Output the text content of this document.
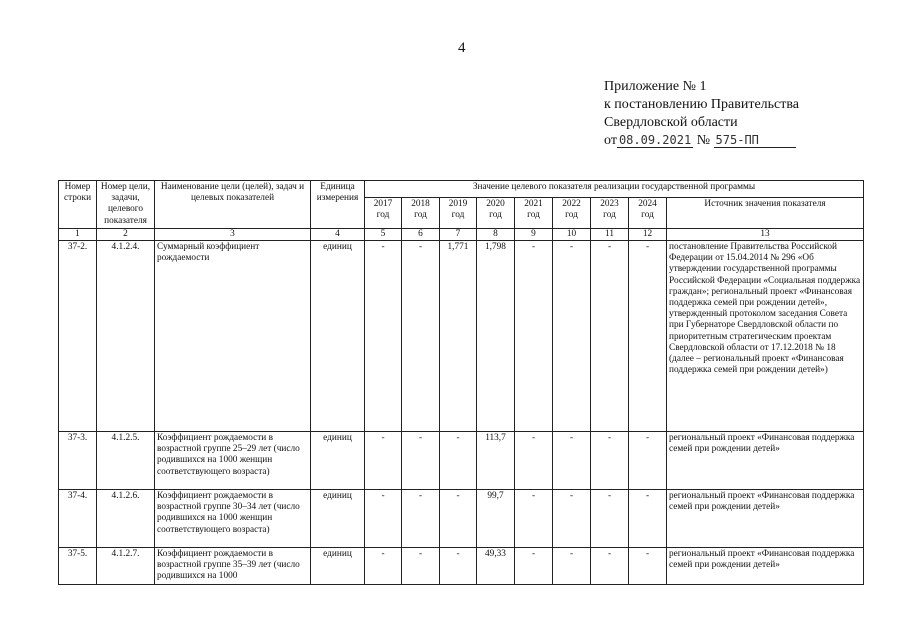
4
Приложение № 1
к постановлению Правительства
Свердловской области
от 08.09.2021 № 575-ПП
Номер строки	Номер цели, задачи, целевого показателя	Наименование цели (целей), задач и целевых показателей	Единица измерения	Значение целевого показателя реализации государственной программы								
				2017 год	2018 год	2019 год	2020 год	2021 год	2022 год	2023 год	2024 год	Источник значения показателя
1	2	3	4	5	6	7	8	9	10	11	12	13
37-2.	4.1.2.4.	Суммарный коэффициент рождаемости	единиц	-	-	1,771	1,798	-	-	-	-	постановление Правительства Российской Федерации от 15.04.2014 № 296 «Об утверждении государственной программы Российской Федерации «Социальная поддержка граждан»; региональный проект «Финансовая поддержка семей при рождении детей», утвержденный протоколом заседания Совета при Губернаторе Свердловской области по приоритетным стратегическим проектам Свердловской области от 17.12.2018 № 18 (далее – региональный проект «Финансовая поддержка семей при рождении детей»)
37-3.	4.1.2.5.	Коэффициент рождаемости в возрастной группе 25–29 лет (число родившихся на 1000 женщин соответствующего возраста)	единиц	-	-	-	113,7	-	-	-	-	региональный проект «Финансовая поддержка семей при рождении детей»
37-4.	4.1.2.6.	Коэффициент рождаемости в возрастной группе 30–34 лет (число родившихся на 1000 женщин соответствующего возраста)	единиц	-	-	-	99,7	-	-	-	-	региональный проект «Финансовая поддержка семей при рождении детей»
37-5.	4.1.2.7.	Коэффициент рождаемости в возрастной группе 35–39 лет (число родившихся на 1000	единиц	-	-	-	49,33	-	-	-	-	региональный проект «Финансовая поддержка семей при рождении детей»
